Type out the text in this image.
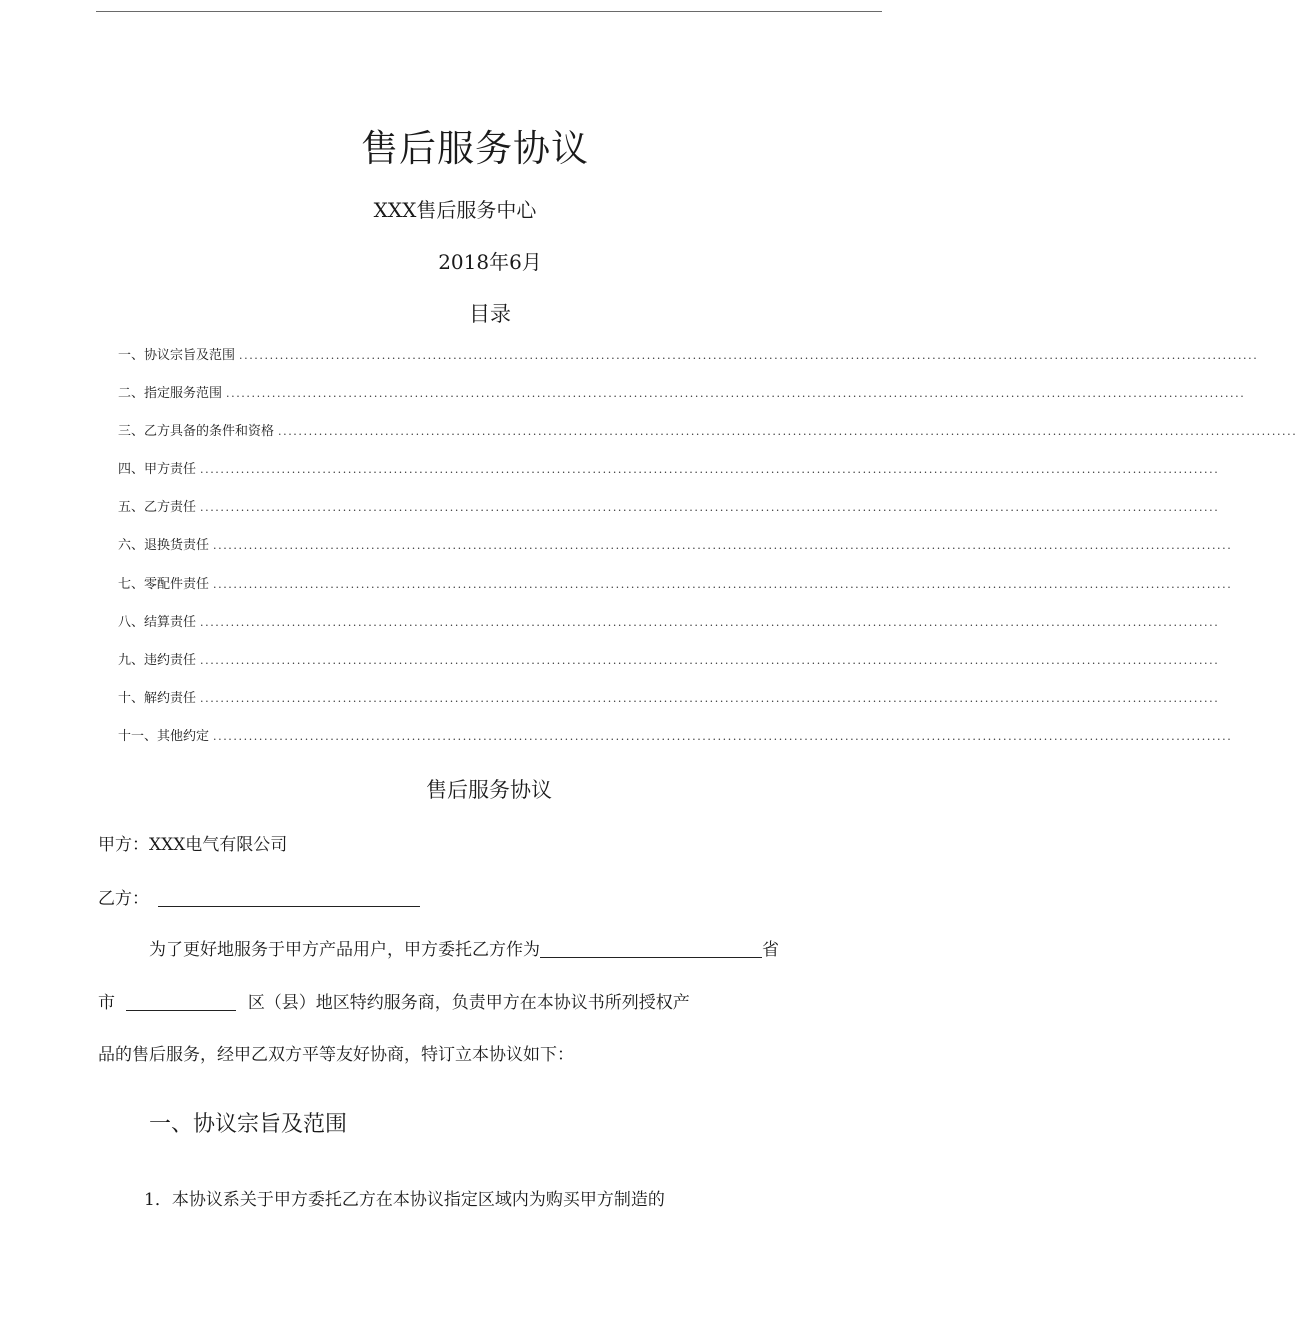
售后服务协议
XXX售后服务中心
2018年6月
目录
一、协议宗旨及范围 ........................................................................................................................................................................................................
二、指定服务范围 ........................................................................................................................................................................................................
三、乙方具备的条件和资格 ........................................................................................................................................................................................................
四、甲方责任 ........................................................................................................................................................................................................
五、乙方责任 ........................................................................................................................................................................................................
六、退换货责任 ........................................................................................................................................................................................................
七、零配件责任 ........................................................................................................................................................................................................
八、结算责任 ........................................................................................................................................................................................................
九、违约责任 ........................................................................................................................................................................................................
十、解约责任 ........................................................................................................................................................................................................
十一、其他约定 ........................................................................................................................................................................................................
售后服务协议
甲方：XXX电气有限公司
乙方：
为了更好地服务于甲方产品用户，甲方委托乙方作为	省
市	区（县）地区特约服务商，负责甲方在本协议书所列授权产
品的售后服务，经甲乙双方平等友好协商，特订立本协议如下：
一、协议宗旨及范围
1．本协议系关于甲方委托乙方在本协议指定区域内为购买甲方制造的
